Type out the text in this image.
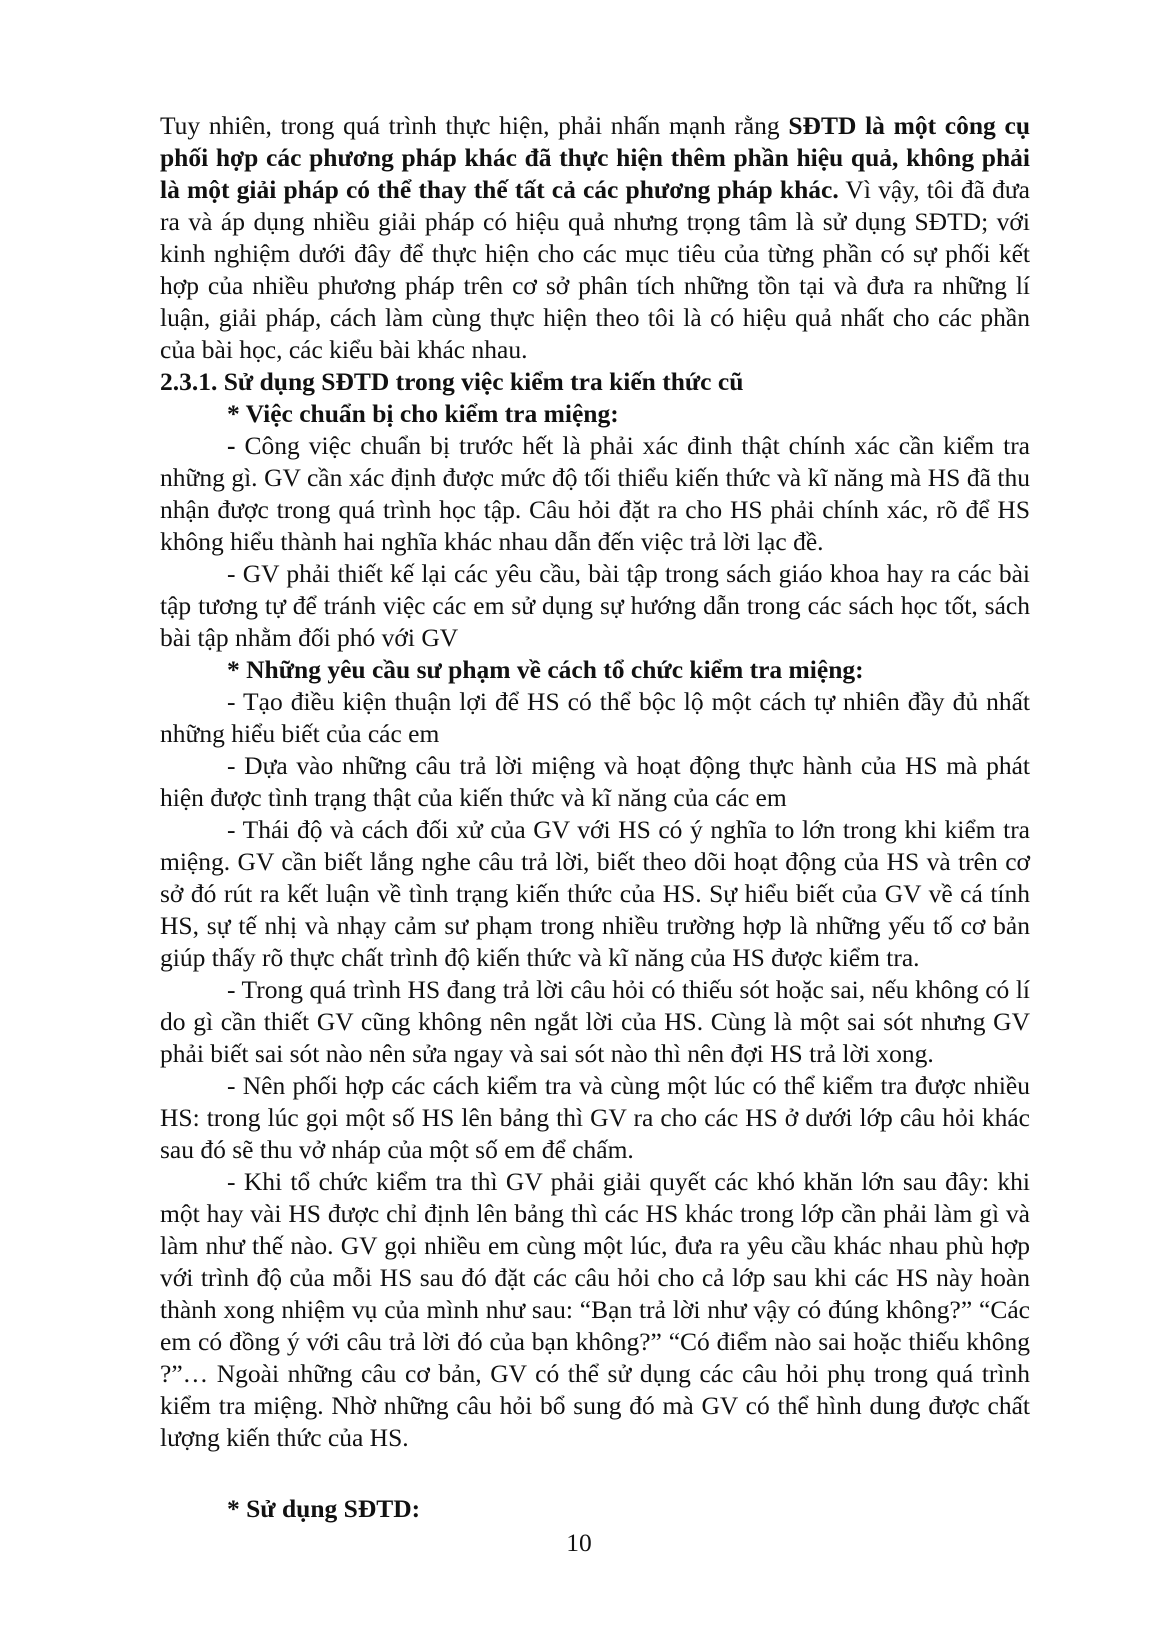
Tuy nhiên, trong quá trình thực hiện, phải nhấn mạnh rằng SĐTD là một công cụ phối hợp các phương pháp khác đã thực hiện thêm phần hiệu quả, không phải là một giải pháp có thể thay thế tất cả các phương pháp khác. Vì vậy, tôi đã đưa ra và áp dụng nhiều giải pháp có hiệu quả nhưng trọng tâm là sử dụng SĐTD; với kinh nghiệm dưới đây để thực hiện cho các mục tiêu của từng phần có sự phối kết hợp của nhiều phương pháp trên cơ sở phân tích những tồn tại và đưa ra những lí luận, giải pháp, cách làm cùng thực hiện theo tôi là có hiệu quả nhất cho các phần của bài học, các kiểu bài khác nhau.

2.3.1. Sử dụng SĐTD trong việc kiểm tra kiến thức cũ

* Việc chuẩn bị cho kiểm tra miệng:

- Công việc chuẩn bị trước hết là phải xác đinh thật chính xác cần kiểm tra những gì. GV cần xác định được mức độ tối thiểu kiến thức và kĩ năng mà HS đã thu nhận được trong quá trình học tập. Câu hỏi đặt ra cho HS phải chính xác, rõ để HS không hiểu thành hai nghĩa khác nhau dẫn đến việc trả lời lạc đề.

- GV phải thiết kế lại các yêu cầu, bài tập trong sách giáo khoa hay ra các bài tập tương tự để tránh việc các em sử dụng sự hướng dẫn trong các sách học tốt, sách bài tập nhằm đối phó với GV

* Những yêu cầu sư phạm về cách tổ chức kiểm tra miệng:

- Tạo điều kiện thuận lợi để HS có thể bộc lộ một cách tự nhiên đầy đủ nhất những hiểu biết của các em

- Dựa vào những câu trả lời miệng và hoạt động thực hành của HS mà phát hiện được tình trạng thật của kiến thức và kĩ năng của các em

- Thái độ và cách đối xử của GV với HS có ý nghĩa to lớn trong khi kiểm tra miệng. GV cần biết lắng nghe câu trả lời, biết theo dõi hoạt động của HS và trên cơ sở đó rút ra kết luận về tình trạng kiến thức của HS. Sự hiểu biết của GV về cá tính HS, sự tế nhị và nhạy cảm sư phạm trong nhiều trường hợp là những yếu tố cơ bản giúp thấy rõ thực chất trình độ kiến thức và kĩ năng của HS được kiểm tra.

- Trong quá trình HS đang trả lời câu hỏi có thiếu sót hoặc sai, nếu không có lí do gì cần thiết GV cũng không nên ngắt lời của HS. Cùng là một sai sót nhưng GV phải biết sai sót nào nên sửa ngay và sai sót nào thì nên đợi HS trả lời xong.

- Nên phối hợp các cách kiểm tra và cùng một lúc có thể kiểm tra được nhiều HS: trong lúc gọi một số HS lên bảng thì GV ra cho các HS ở dưới lớp câu hỏi khác sau đó sẽ thu vở nháp của một số em để chấm.

- Khi tổ chức kiểm tra thì GV phải giải quyết các khó khăn lớn sau đây: khi một hay vài HS được chỉ định lên bảng thì các HS khác trong lớp cần phải làm gì và làm như thế nào. GV gọi nhiều em cùng một lúc, đưa ra yêu cầu khác nhau phù hợp với trình độ của mỗi HS sau đó đặt các câu hỏi cho cả lớp sau khi các HS này hoàn thành xong nhiệm vụ của mình như sau: “Bạn trả lời như vậy có đúng không?” “Các em có đồng ý với câu trả lời đó của bạn không?” “Có điểm nào sai hoặc thiếu không ?”… Ngoài những câu cơ bản, GV có thể sử dụng các câu hỏi phụ trong quá trình kiểm tra miệng. Nhờ những câu hỏi bổ sung đó mà GV có thể hình dung được chất lượng kiến thức của HS.

* Sử dụng SĐTD:

10
